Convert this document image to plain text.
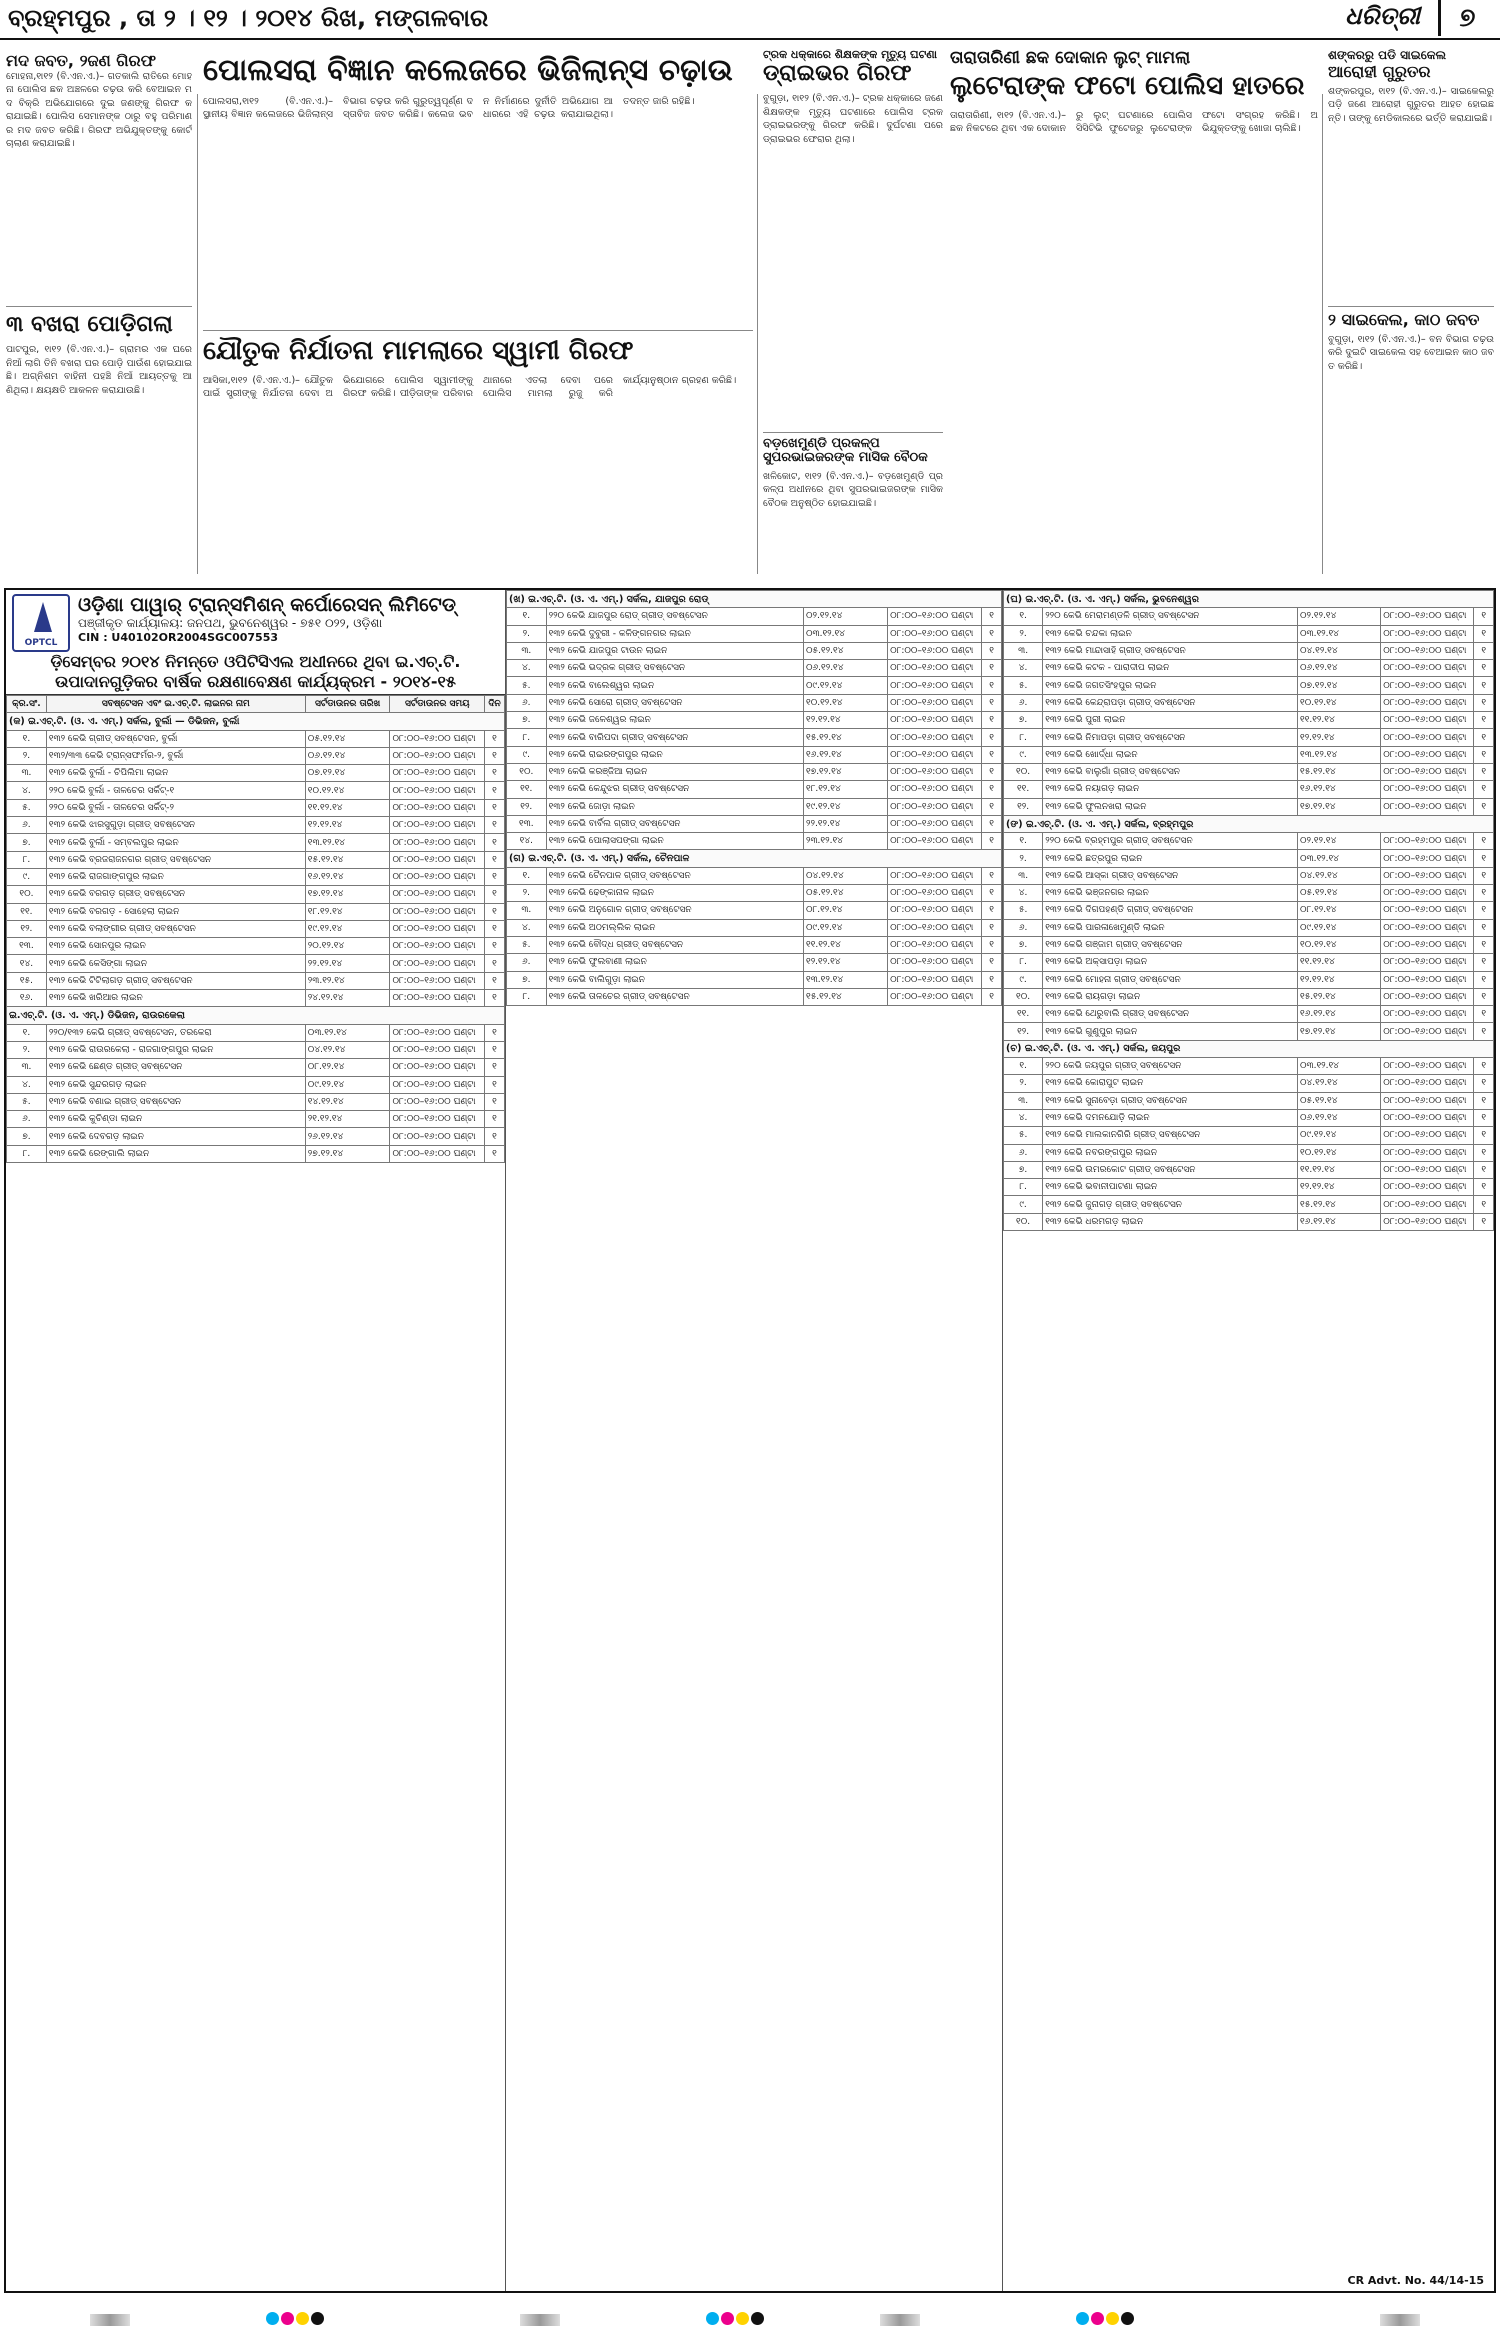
ବ୍ରହ୍ମପୁର , ତା ୨ । ୧୨ । ୨୦୧୪ ରିଖ, ମଙ୍ଗଳବାର	ଧରିତ୍ରୀ	୭
ମଦ ଜବତ, ୨ଜଣ ଗିରଫ
ମୋହନା,୧ା୧୨ (ବି.ଏନ.ଏ.)– ଗତକାଲି ରାତିରେ ମୋହନା ପୋଲିସ ଛକ ଅଞ୍ଚଳରେ ଚଢ଼ଉ କରି ବେଆଇନ ମଦ ବିକ୍ରି ଅଭିଯୋଗରେ ଦୁଇ ଜଣଙ୍କୁ ଗିରଫ କରାଯାଇଛି। ପୋଲିସ ସେମାନଙ୍କ ଠାରୁ ବହୁ ପରିମାଣର ମଦ ଜବତ କରିଛି। ଗିରଫ ଅଭିଯୁକ୍ତଙ୍କୁ କୋର୍ଟ ଚାଲାଣ କରାଯାଇଛି।
୩ ବଖରା ପୋଡ଼ିଗଲା
ପାଟପୁର, ୧ା୧୨ (ବି.ଏନ.ଏ.)– ଗ୍ରାମର ଏକ ଘରେ ନିଆଁ ଲାଗି ତିନି ବଖରା ଘର ପୋଡ଼ି ପାଉଁଶ ହୋଇଯାଇଛି। ଅଗ୍ନିଶମ ବାହିନୀ ପହଞ୍ଚି ନିଆଁ ଆୟତ୍ତକୁ ଆଣିଥିଲା। କ୍ଷୟକ୍ଷତି ଆକଳନ କରାଯାଉଛି।
ପୋଲସରା ବିଜ୍ଞାନ କଲେଜରେ ଭିଜିଲାନ୍ସ ଚଢ଼ାଉ
ପୋଲସରା,୧ା୧୨ (ବି.ଏନ.ଏ.)– ସ୍ଥାନୀୟ ବିଜ୍ଞାନ କଲେଜରେ ଭିଜିଲାନ୍ସ ବିଭାଗ ଚଢ଼ଉ କରି ଗୁରୁତ୍ୱପୂର୍ଣ୍ଣ ଦସ୍ତାବିଜ ଜବତ କରିଛି। କଲେଜ ଭବନ ନିର୍ମାଣରେ ଦୁର୍ନୀତି ଅଭିଯୋଗ ଆଧାରରେ ଏହି ଚଢ଼ଉ କରାଯାଇଥିଲା। ତଦନ୍ତ ଜାରି ରହିଛି।
ଯୌତୁକ ନିର୍ଯାତନା ମାମଲାରେ ସ୍ୱାମୀ ଗିରଫ
ଆସିକା,୧ା୧୨ (ବି.ଏନ.ଏ.)– ଯୌତୁକ ପାଇଁ ସ୍ତ୍ରୀଙ୍କୁ ନିର୍ଯାତନା ଦେବା ଅଭିଯୋଗରେ ପୋଲିସ ସ୍ୱାମୀଙ୍କୁ ଗିରଫ କରିଛି। ପୀଡ଼ିତାଙ୍କ ପରିବାର ଥାନାରେ ଏତଲା ଦେବା ପରେ ପୋଲିସ ମାମଲା ରୁଜୁ କରି କାର୍ଯ୍ୟାନୁଷ୍ଠାନ ଗ୍ରହଣ କରିଛି।
ଟ୍ରକ ଧକ୍କାରେ ଶିକ୍ଷକଙ୍କ ମୃତ୍ୟୁ ଘଟଣା
ଡ୍ରାଇଭର ଗିରଫ
ବୁଗୁଡ଼ା, ୧ା୧୨ (ବି.ଏନ.ଏ.)– ଟ୍ରକ ଧକ୍କାରେ ଜଣେ ଶିକ୍ଷକଙ୍କ ମୃତ୍ୟୁ ଘଟଣାରେ ପୋଲିସ ଟ୍ରକ ଡ୍ରାଇଭରଙ୍କୁ ଗିରଫ କରିଛି। ଦୁର୍ଘଟଣା ପରେ ଡ୍ରାଇଭର ଫେରାର ଥିଲା।
ବଡ଼ଖେମୁଣ୍ଡି ପ୍ରକଳ୍ପ ସୁପରଭାଇଜରଙ୍କ ମାସିକ ବୈଠକ
ଖଳିକୋଟ, ୧ା୧୨ (ବି.ଏନ.ଏ.)– ବଡ଼ଖେମୁଣ୍ଡି ପ୍ରକଳ୍ପ ଅଧୀନରେ ଥିବା ସୁପରଭାଇଜରଙ୍କ ମାସିକ ବୈଠକ ଅନୁଷ୍ଠିତ ହୋଇଯାଇଛି।
ତାରାତାରିଣୀ ଛକ ଦୋକାନ ଲୁଟ୍ ମାମଲା
ଲୁଟେରାଙ୍କ ଫଟୋ ପୋଲିସ ହାତରେ
ତାରାତାରିଣୀ, ୧ା୧୨ (ବି.ଏନ.ଏ.)– ଛକ ନିକଟରେ ଥିବା ଏକ ଦୋକାନରୁ ଲୁଟ୍ ଘଟଣାରେ ପୋଲିସ ସିସିଟିଭି ଫୁଟେଜରୁ ଲୁଟେରାଙ୍କ ଫଟୋ ସଂଗ୍ରହ କରିଛି। ଅଭିଯୁକ୍ତଙ୍କୁ ଖୋଜା ଚାଲିଛି।
ଶଙ୍କରରୁ ପଡି ସାଇକେଲ
ଆରୋହୀ ଗୁରୁତର
ଶଙ୍କରପୁର, ୧ା୧୨ (ବି.ଏନ.ଏ.)– ସାଇକେଲରୁ ପଡ଼ି ଜଣେ ଆରୋହୀ ଗୁରୁତର ଆହତ ହୋଇଛନ୍ତି। ତାଙ୍କୁ ମେଡିକାଲରେ ଭର୍ତ୍ତି କରାଯାଇଛି।
୨ ସାଇକେଲ, କାଠ ଜବତ
ବୁଗୁଡ଼ା, ୧ା୧୨ (ବି.ଏନ.ଏ.)– ବନ ବିଭାଗ ଚଢ଼ଉ କରି ଦୁଇଟି ସାଇକେଲ ସହ ବେଆଇନ କାଠ ଜବତ କରିଛି।
OPTCL
ଓଡ଼ିଶା ପାୱାର୍ ଟ୍ରାନ୍ସମିଶନ୍ କର୍ପୋରେସନ୍ ଲିମିଟେଡ୍
ପଞ୍ଜୀକୃତ କାର୍ଯ୍ୟାଳୟ: ଜନପଥ, ଭୁବନେଶ୍ୱର - ୭୫୧ ୦୨୨, ଓଡ଼ିଶା
CIN : U40102OR2004SGC007553
ଡ଼ିସେମ୍ବର ୨୦୧୪ ନିମନ୍ତେ ଓପିଟିସିଏଲ ଅଧୀନରେ ଥିବା ଇ.ଏଚ୍.ଟି. ଉପାଦାନଗୁଡ଼ିକର ବାର୍ଷିକ ରକ୍ଷଣାବେକ୍ଷଣ କାର୍ଯ୍ୟକ୍ରମ - ୨୦୧୪-୧୫
କ୍ର.ସଂ.	ସବଷ୍ଟେସନ ଏବଂ ଇ.ଏଚ୍.ଟି. ଲାଇନର ନାମ	ସର୍ଟଡାଉନର ତାରିଖ	ସର୍ଟଡାଉନର ସମୟ	ଦିନ
(କ) ଇ.ଏଚ୍.ଟି. (ଓ. ଏ. ଏମ୍.) ସର୍କଲ, ବୁର୍ଲା — ଡିଭିଜନ, ବୁର୍ଲା				
୧.	୧୩୨ କେଭି ଗ୍ରୀଡ୍ ସବଷ୍ଟେସନ, ବୁର୍ଲା	୦୫.୧୨.୧୪	୦୮:୦୦–୧୬:୦୦ ଘଣ୍ଟା	୧
୨.	୧୩୨/୩୩ କେଭି ଟ୍ରାନ୍ସଫର୍ମର-୨, ବୁର୍ଲା	୦୬.୧୨.୧୪	୦୮:୦୦–୧୬:୦୦ ଘଣ୍ଟା	୧
୩.	୧୩୨ କେଭି ବୁର୍ଲା - ଚିପିଲିମା ଲାଇନ	୦୭.୧୨.୧୪	୦୮:୦୦–୧୬:୦୦ ଘଣ୍ଟା	୧
୪.	୨୨୦ କେଭି ବୁର୍ଲା - ତାଳଚେର ସର୍କିଟ୍-୧	୧୦.୧୨.୧୪	୦୮:୦୦–୧୬:୦୦ ଘଣ୍ଟା	୧
୫.	୨୨୦ କେଭି ବୁର୍ଲା - ତାଳଚେର ସର୍କିଟ୍-୨	୧୧.୧୨.୧୪	୦୮:୦୦–୧୬:୦୦ ଘଣ୍ଟା	୧
୬.	୧୩୨ କେଭି ଝାରସୁଗୁଡ଼ା ଗ୍ରୀଡ୍ ସବଷ୍ଟେସନ	୧୨.୧୨.୧୪	୦୮:୦୦–୧୬:୦୦ ଘଣ୍ଟା	୧
୭.	୧୩୨ କେଭି ବୁର୍ଲା - ସମ୍ବଲପୁର ଲାଇନ	୧୩.୧୨.୧୪	୦୮:୦୦–୧୬:୦୦ ଘଣ୍ଟା	୧
୮.	୧୩୨ କେଭି ବ୍ରଜରାଜନଗର ଗ୍ରୀଡ୍ ସବଷ୍ଟେସନ	୧୫.୧୨.୧୪	୦୮:୦୦–୧୬:୦୦ ଘଣ୍ଟା	୧
୯.	୧୩୨ କେଭି ରାଜଗାଙ୍ଗପୁର ଲାଇନ	୧୬.୧୨.୧୪	୦୮:୦୦–୧୬:୦୦ ଘଣ୍ଟା	୧
୧୦.	୧୩୨ କେଭି ବରଗଡ଼ ଗ୍ରୀଡ୍ ସବଷ୍ଟେସନ	୧୭.୧୨.୧୪	୦୮:୦୦–୧୬:୦୦ ଘଣ୍ଟା	୧
୧୧.	୧୩୨ କେଭି ବରଗଡ଼ - ସୋହେଲା ଲାଇନ	୧୮.୧୨.୧୪	୦୮:୦୦–୧୬:୦୦ ଘଣ୍ଟା	୧
୧୨.	୧୩୨ କେଭି ବଲାଙ୍ଗୀର ଗ୍ରୀଡ୍ ସବଷ୍ଟେସନ	୧୯.୧୨.୧୪	୦୮:୦୦–୧୬:୦୦ ଘଣ୍ଟା	୧
୧୩.	୧୩୨ କେଭି ସୋନପୁର ଲାଇନ	୨୦.୧୨.୧୪	୦୮:୦୦–୧୬:୦୦ ଘଣ୍ଟା	୧
୧୪.	୧୩୨ କେଭି କେସିଙ୍ଗା ଲାଇନ	୨୨.୧୨.୧୪	୦୮:୦୦–୧୬:୦୦ ଘଣ୍ଟା	୧
୧୫.	୧୩୨ କେଭି ଟିଟିଲାଗଡ଼ ଗ୍ରୀଡ୍ ସବଷ୍ଟେସନ	୨୩.୧୨.୧୪	୦୮:୦୦–୧୬:୦୦ ଘଣ୍ଟା	୧
୧୬.	୧୩୨ କେଭି ଖରିଆର ଲାଇନ	୨୪.୧୨.୧୪	୦୮:୦୦–୧୬:୦୦ ଘଣ୍ଟା	୧
ଇ.ଏଚ୍.ଟି. (ଓ. ଏ. ଏମ୍.) ଡିଭିଜନ, ରାଉରକେଲା				
୧.	୨୨୦/୧୩୨ କେଭି ଗ୍ରୀଡ୍ ସବଷ୍ଟେସନ, ତରକେରା	୦୩.୧୨.୧୪	୦୮:୦୦–୧୬:୦୦ ଘଣ୍ଟା	୧
୨.	୧୩୨ କେଭି ରାଉରକେଲା - ରାଜଗାଙ୍ଗପୁର ଲାଇନ	୦୪.୧୨.୧୪	୦୮:୦୦–୧୬:୦୦ ଘଣ୍ଟା	୧
୩.	୧୩୨ କେଭି ଛେଣ୍ଡ ଗ୍ରୀଡ୍ ସବଷ୍ଟେସନ	୦୮.୧୨.୧୪	୦୮:୦୦–୧୬:୦୦ ଘଣ୍ଟା	୧
୪.	୧୩୨ କେଭି ସୁନ୍ଦରଗଡ଼ ଲାଇନ	୦୯.୧୨.୧୪	୦୮:୦୦–୧୬:୦୦ ଘଣ୍ଟା	୧
୫.	୧୩୨ କେଭି ବଣାଇ ଗ୍ରୀଡ୍ ସବଷ୍ଟେସନ	୧୪.୧୨.୧୪	୦୮:୦୦–୧୬:୦୦ ଘଣ୍ଟା	୧
୬.	୧୩୨ କେଭି କୁଚିଣ୍ଡା ଲାଇନ	୨୧.୧୨.୧୪	୦୮:୦୦–୧୬:୦୦ ଘଣ୍ଟା	୧
୭.	୧୩୨ କେଭି ଦେବଗଡ଼ ଲାଇନ	୨୬.୧୨.୧୪	୦୮:୦୦–୧୬:୦୦ ଘଣ୍ଟା	୧
୮.	୧୩୨ କେଭି ରେଙ୍ଗାଲି ଲାଇନ	୨୭.୧୨.୧୪	୦୮:୦୦–୧୬:୦୦ ଘଣ୍ଟା	୧
(ଖ) ଇ.ଏଚ୍.ଟି. (ଓ. ଏ. ଏମ୍.) ସର୍କଲ, ଯାଜପୁର ରୋଡ୍				
୧.	୨୨୦ କେଭି ଯାଜପୁର ରୋଡ୍ ଗ୍ରୀଡ୍ ସବଷ୍ଟେସନ	୦୨.୧୨.୧୪	୦୮:୦୦–୧୬:୦୦ ଘଣ୍ଟା	୧
୨.	୧୩୨ କେଭି ଦୁବୁରୀ - କଳିଙ୍ଗନଗର ଲାଇନ	୦୩.୧୨.୧୪	୦୮:୦୦–୧୬:୦୦ ଘଣ୍ଟା	୧
୩.	୧୩୨ କେଭି ଯାଜପୁର ଟାଉନ ଲାଇନ	୦୫.୧୨.୧୪	୦୮:୦୦–୧୬:୦୦ ଘଣ୍ଟା	୧
୪.	୧୩୨ କେଭି ଭଦ୍ରକ ଗ୍ରୀଡ୍ ସବଷ୍ଟେସନ	୦୬.୧୨.୧୪	୦୮:୦୦–୧୬:୦୦ ଘଣ୍ଟା	୧
୫.	୧୩୨ କେଭି ବାଲେଶ୍ୱର ଲାଇନ	୦୯.୧୨.୧୪	୦୮:୦୦–୧୬:୦୦ ଘଣ୍ଟା	୧
୬.	୧୩୨ କେଭି ସୋରୋ ଗ୍ରୀଡ୍ ସବଷ୍ଟେସନ	୧୦.୧୨.୧୪	୦୮:୦୦–୧୬:୦୦ ଘଣ୍ଟା	୧
୭.	୧୩୨ କେଭି ଜଳେଶ୍ୱର ଲାଇନ	୧୨.୧୨.୧୪	୦୮:୦୦–୧୬:୦୦ ଘଣ୍ଟା	୧
୮.	୧୩୨ କେଭି ବାରିପଦା ଗ୍ରୀଡ୍ ସବଷ୍ଟେସନ	୧୫.୧୨.୧୪	୦୮:୦୦–୧୬:୦୦ ଘଣ୍ଟା	୧
୯.	୧୩୨ କେଭି ରାଇରଙ୍ଗପୁର ଲାଇନ	୧୬.୧୨.୧୪	୦୮:୦୦–୧୬:୦୦ ଘଣ୍ଟା	୧
୧୦.	୧୩୨ କେଭି କରଞ୍ଜିଆ ଲାଇନ	୧୭.୧୨.୧୪	୦୮:୦୦–୧୬:୦୦ ଘଣ୍ଟା	୧
୧୧.	୧୩୨ କେଭି କେନ୍ଦୁଝର ଗ୍ରୀଡ୍ ସବଷ୍ଟେସନ	୧୮.୧୨.୧୪	୦୮:୦୦–୧୬:୦୦ ଘଣ୍ଟା	୧
୧୨.	୧୩୨ କେଭି ଜୋଡ଼ା ଲାଇନ	୧୯.୧୨.୧୪	୦୮:୦୦–୧୬:୦୦ ଘଣ୍ଟା	୧
୧୩.	୧୩୨ କେଭି ବାର୍ବିଲ ଗ୍ରୀଡ୍ ସବଷ୍ଟେସନ	୨୨.୧୨.୧୪	୦୮:୦୦–୧୬:୦୦ ଘଣ୍ଟା	୧
୧୪.	୧୩୨ କେଭି ପୋଲାସପଙ୍ଗା ଲାଇନ	୨୩.୧୨.୧୪	୦୮:୦୦–୧୬:୦୦ ଘଣ୍ଟା	୧
(ଗ) ଇ.ଏଚ୍.ଟି. (ଓ. ଏ. ଏମ୍.) ସର୍କଲ, ଚୈନପାଳ				
୧.	୧୩୨ କେଭି ଚୈନପାଳ ଗ୍ରୀଡ୍ ସବଷ୍ଟେସନ	୦୪.୧୨.୧୪	୦୮:୦୦–୧୬:୦୦ ଘଣ୍ଟା	୧
୨.	୧୩୨ କେଭି ଢେଙ୍କାନାଳ ଲାଇନ	୦୫.୧୨.୧୪	୦୮:୦୦–୧୬:୦୦ ଘଣ୍ଟା	୧
୩.	୧୩୨ କେଭି ଅନୁଗୋଳ ଗ୍ରୀଡ୍ ସବଷ୍ଟେସନ	୦୮.୧୨.୧୪	୦୮:୦୦–୧୬:୦୦ ଘଣ୍ଟା	୧
୪.	୧୩୨ କେଭି ଅଠମଲ୍ଲିକ ଲାଇନ	୦୯.୧୨.୧୪	୦୮:୦୦–୧୬:୦୦ ଘଣ୍ଟା	୧
୫.	୧୩୨ କେଭି ବୌଦ୍ଧ ଗ୍ରୀଡ୍ ସବଷ୍ଟେସନ	୧୧.୧୨.୧୪	୦୮:୦୦–୧୬:୦୦ ଘଣ୍ଟା	୧
୬.	୧୩୨ କେଭି ଫୁଲବାଣୀ ଲାଇନ	୧୨.୧୨.୧୪	୦୮:୦୦–୧୬:୦୦ ଘଣ୍ଟା	୧
୭.	୧୩୨ କେଭି ବାଲିଗୁଡ଼ା ଲାଇନ	୧୩.୧୨.୧୪	୦୮:୦୦–୧୬:୦୦ ଘଣ୍ଟା	୧
୮.	୧୩୨ କେଭି ତାଳଚେର ଗ୍ରୀଡ୍ ସବଷ୍ଟେସନ	୧୫.୧୨.୧୪	୦୮:୦୦–୧୬:୦୦ ଘଣ୍ଟା	୧
(ଘ) ଇ.ଏଚ୍.ଟି. (ଓ. ଏ. ଏମ୍.) ସର୍କଲ, ଭୁବନେଶ୍ୱର				
୧.	୨୨୦ କେଭି ମେରାମଣ୍ଡଳି ଗ୍ରୀଡ୍ ସବଷ୍ଟେସନ	୦୨.୧୨.୧୪	୦୮:୦୦–୧୬:୦୦ ଘଣ୍ଟା	୧
୨.	୧୩୨ କେଭି ଚନ୍ଦକା ଲାଇନ	୦୩.୧୨.୧୪	୦୮:୦୦–୧୬:୦୦ ଘଣ୍ଟା	୧
୩.	୧୩୨ କେଭି ମାନ୍ଦାସାହି ଗ୍ରୀଡ୍ ସବଷ୍ଟେସନ	୦୪.୧୨.୧୪	୦୮:୦୦–୧୬:୦୦ ଘଣ୍ଟା	୧
୪.	୧୩୨ କେଭି କଟକ - ପାରାଦୀପ ଲାଇନ	୦୬.୧୨.୧୪	୦୮:୦୦–୧୬:୦୦ ଘଣ୍ଟା	୧
୫.	୧୩୨ କେଭି ଜଗତସିଂହପୁର ଲାଇନ	୦୭.୧୨.୧୪	୦୮:୦୦–୧୬:୦୦ ଘଣ୍ଟା	୧
୬.	୧୩୨ କେଭି କେନ୍ଦ୍ରାପଡ଼ା ଗ୍ରୀଡ୍ ସବଷ୍ଟେସନ	୧୦.୧୨.୧୪	୦୮:୦୦–୧୬:୦୦ ଘଣ୍ଟା	୧
୭.	୧୩୨ କେଭି ପୁରୀ ଲାଇନ	୧୧.୧୨.୧୪	୦୮:୦୦–୧୬:୦୦ ଘଣ୍ଟା	୧
୮.	୧୩୨ କେଭି ନିମାପଡ଼ା ଗ୍ରୀଡ୍ ସବଷ୍ଟେସନ	୧୨.୧୨.୧୪	୦୮:୦୦–୧୬:୦୦ ଘଣ୍ଟା	୧
୯.	୧୩୨ କେଭି ଖୋର୍ଦ୍ଧା ଲାଇନ	୧୩.୧୨.୧୪	୦୮:୦୦–୧୬:୦୦ ଘଣ୍ଟା	୧
୧୦.	୧୩୨ କେଭି ବାଲୁଗାଁ ଗ୍ରୀଡ୍ ସବଷ୍ଟେସନ	୧୫.୧୨.୧୪	୦୮:୦୦–୧୬:୦୦ ଘଣ୍ଟା	୧
୧୧.	୧୩୨ କେଭି ନୟାଗଡ଼ ଲାଇନ	୧୬.୧୨.୧୪	୦୮:୦୦–୧୬:୦୦ ଘଣ୍ଟା	୧
୧୨.	୧୩୨ କେଭି ଫୁଲନଖରା ଲାଇନ	୧୭.୧୨.୧୪	୦୮:୦୦–୧୬:୦୦ ଘଣ୍ଟା	୧
(ଙ) ଇ.ଏଚ୍.ଟି. (ଓ. ଏ. ଏମ୍.) ସର୍କଲ, ବ୍ରହ୍ମପୁର				
୧.	୨୨୦ କେଭି ବ୍ରହ୍ମପୁର ଗ୍ରୀଡ୍ ସବଷ୍ଟେସନ	୦୨.୧୨.୧୪	୦୮:୦୦–୧୬:୦୦ ଘଣ୍ଟା	୧
୨.	୧୩୨ କେଭି ଛତ୍ରପୁର ଲାଇନ	୦୩.୧୨.୧୪	୦୮:୦୦–୧୬:୦୦ ଘଣ୍ଟା	୧
୩.	୧୩୨ କେଭି ଆସ୍କା ଗ୍ରୀଡ୍ ସବଷ୍ଟେସନ	୦୪.୧୨.୧୪	୦୮:୦୦–୧୬:୦୦ ଘଣ୍ଟା	୧
୪.	୧୩୨ କେଭି ଭଞ୍ଜନଗର ଲାଇନ	୦୫.୧୨.୧୪	୦୮:୦୦–୧୬:୦୦ ଘଣ୍ଟା	୧
୫.	୧୩୨ କେଭି ଦିଗପହଣ୍ଡି ଗ୍ରୀଡ୍ ସବଷ୍ଟେସନ	୦୮.୧୨.୧୪	୦୮:୦୦–୧୬:୦୦ ଘଣ୍ଟା	୧
୬.	୧୩୨ କେଭି ପାରଳାଖେମୁଣ୍ଡି ଲାଇନ	୦୯.୧୨.୧୪	୦୮:୦୦–୧୬:୦୦ ଘଣ୍ଟା	୧
୭.	୧୩୨ କେଭି ଗଞ୍ଜାମ ଗ୍ରୀଡ୍ ସବଷ୍ଟେସନ	୧୦.୧୨.୧୪	୦୮:୦୦–୧୬:୦୦ ଘଣ୍ଟା	୧
୮.	୧୩୨ କେଭି ଅକ୍ସାପଡ଼ା ଲାଇନ	୧୧.୧୨.୧୪	୦୮:୦୦–୧୬:୦୦ ଘଣ୍ଟା	୧
୯.	୧୩୨ କେଭି ମୋହନା ଗ୍ରୀଡ୍ ସବଷ୍ଟେସନ	୧୨.୧୨.୧୪	୦୮:୦୦–୧୬:୦୦ ଘଣ୍ଟା	୧
୧୦.	୧୩୨ କେଭି ରାୟଗଡ଼ା ଲାଇନ	୧୫.୧୨.୧୪	୦୮:୦୦–୧୬:୦୦ ଘଣ୍ଟା	୧
୧୧.	୧୩୨ କେଭି ଥେରୁବାଲି ଗ୍ରୀଡ୍ ସବଷ୍ଟେସନ	୧୬.୧୨.୧୪	୦୮:୦୦–୧୬:୦୦ ଘଣ୍ଟା	୧
୧୨.	୧୩୨ କେଭି ଗୁଣୁପୁର ଲାଇନ	୧୭.୧୨.୧୪	୦୮:୦୦–୧୬:୦୦ ଘଣ୍ଟା	୧
(ଚ) ଇ.ଏଚ୍.ଟି. (ଓ. ଏ. ଏମ୍.) ସର୍କଲ, ଜୟପୁର				
୧.	୨୨୦ କେଭି ଜୟପୁର ଗ୍ରୀଡ୍ ସବଷ୍ଟେସନ	୦୩.୧୨.୧୪	୦୮:୦୦–୧୬:୦୦ ଘଣ୍ଟା	୧
୨.	୧୩୨ କେଭି କୋରାପୁଟ ଲାଇନ	୦୪.୧୨.୧୪	୦୮:୦୦–୧୬:୦୦ ଘଣ୍ଟା	୧
୩.	୧୩୨ କେଭି ସୁନାବେଡ଼ା ଗ୍ରୀଡ୍ ସବଷ୍ଟେସନ	୦୫.୧୨.୧୪	୦୮:୦୦–୧୬:୦୦ ଘଣ୍ଟା	୧
୪.	୧୩୨ କେଭି ଦମନଯୋଡ଼ି ଲାଇନ	୦୬.୧୨.୧୪	୦୮:୦୦–୧୬:୦୦ ଘଣ୍ଟା	୧
୫.	୧୩୨ କେଭି ମାଲକାନଗିରି ଗ୍ରୀଡ୍ ସବଷ୍ଟେସନ	୦୯.୧୨.୧୪	୦୮:୦୦–୧୬:୦୦ ଘଣ୍ଟା	୧
୬.	୧୩୨ କେଭି ନବରଙ୍ଗପୁର ଲାଇନ	୧୦.୧୨.୧୪	୦୮:୦୦–୧୬:୦୦ ଘଣ୍ଟା	୧
୭.	୧୩୨ କେଭି ଉମରକୋଟ ଗ୍ରୀଡ୍ ସବଷ୍ଟେସନ	୧୧.୧୨.୧୪	୦୮:୦୦–୧୬:୦୦ ଘଣ୍ଟା	୧
୮.	୧୩୨ କେଭି ଭବାନୀପାଟଣା ଲାଇନ	୧୨.୧୨.୧୪	୦୮:୦୦–୧୬:୦୦ ଘଣ୍ଟା	୧
୯.	୧୩୨ କେଭି ଜୁନାଗଡ଼ ଗ୍ରୀଡ୍ ସବଷ୍ଟେସନ	୧୫.୧୨.୧୪	୦୮:୦୦–୧୬:୦୦ ଘଣ୍ଟା	୧
୧୦.	୧୩୨ କେଭି ଧରମଗଡ଼ ଲାଇନ	୧୬.୧୨.୧୪	୦୮:୦୦–୧୬:୦୦ ଘଣ୍ଟା	୧
CR Advt. No. 44/14-15
